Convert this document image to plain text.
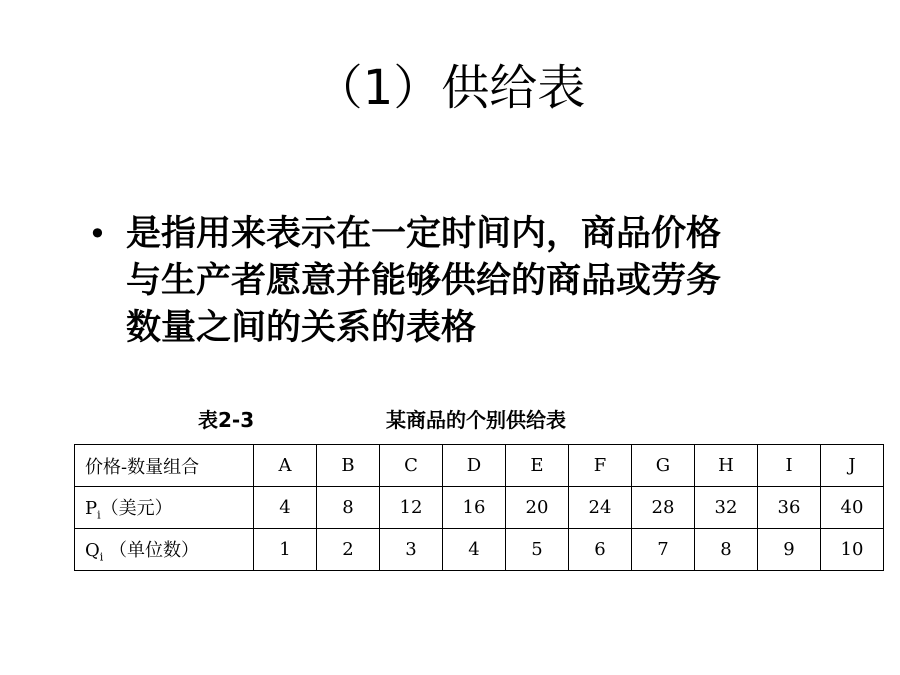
（1）供给表
• 是指用来表示在一定时间内，商品价格
与生产者愿意并能够供给的商品或劳务
数量之间的关系的表格
表2-3	某商品的个别供给表
价格-数量组合	A	B	C	D	E	F	G	H	I	J
$P_i$（美元）	4	8	12	16	20	24	28	32	36	40
$Q_i$ （单位数）	1	2	3	4	5	6	7	8	9	10
